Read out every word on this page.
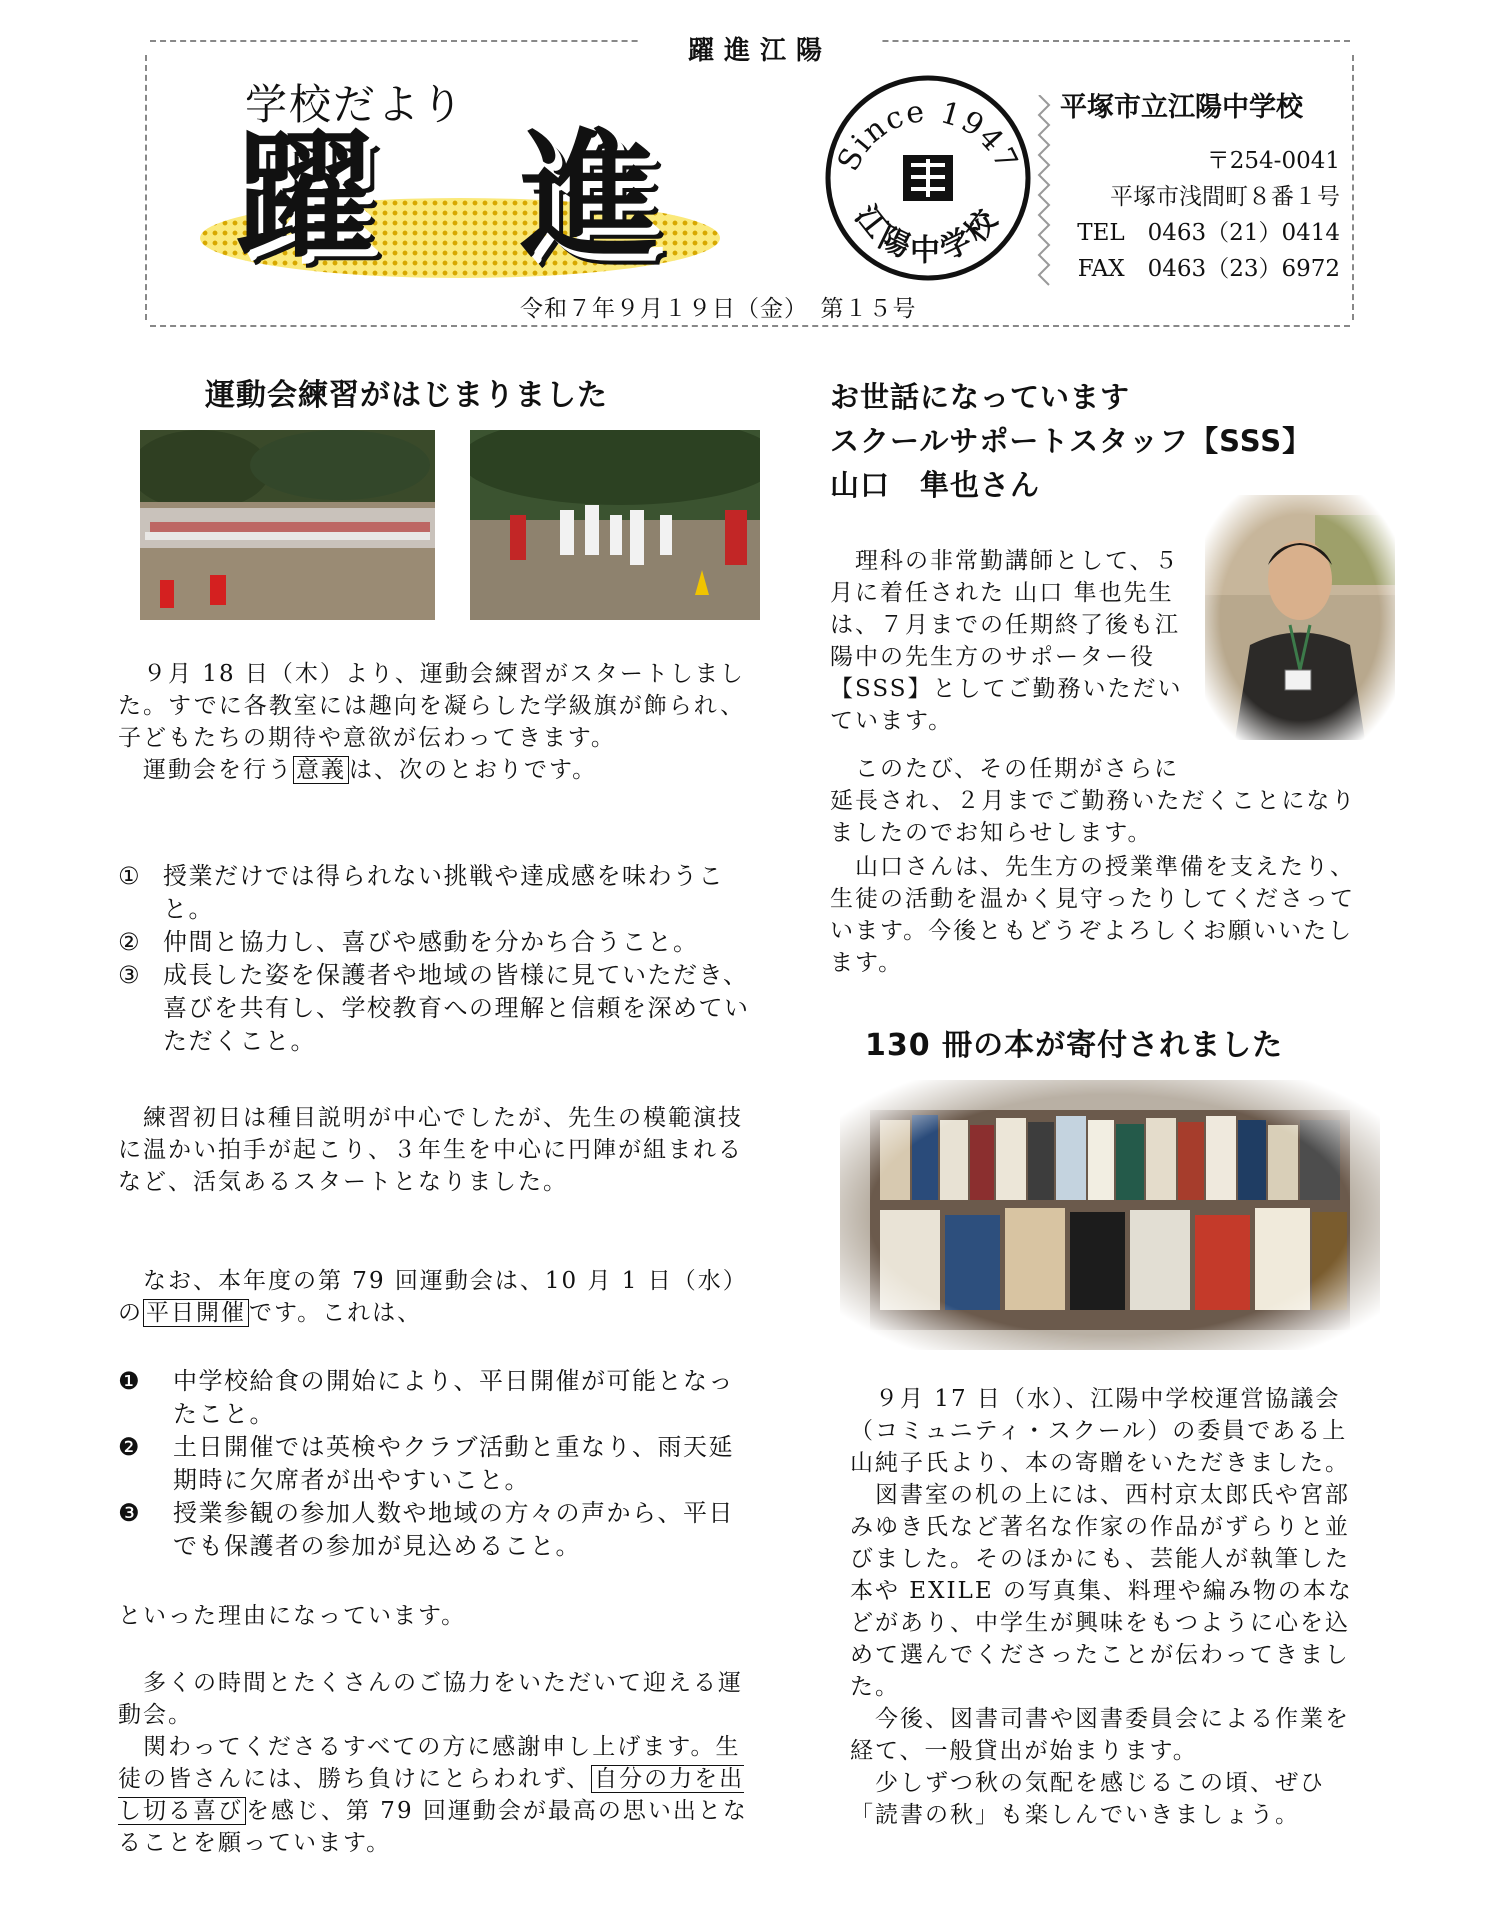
躍進江陽
学校だより
躍 進	Since 1947
江陽中学校
平塚市立江陽中学校
〒254-0041
平塚市浅間町８番１号
TEL　0463（21）0414
FAX　0463（23）6972
令和７年９月１９日（金）　第１５号
運動会練習がはじまりました

　９月 18 日（木）より、運動会練習がスタートしました。すでに各教室には趣向を凝らした学級旗が飾られ、子どもたちの期待や意欲が伝わってきます。

　運動会を行う 意義 は、次のとおりです。

① 授業だけでは得られない挑戦や達成感を味わうこと。
② 仲間と協力し、喜びや感動を分かち合うこと。
③ 成長した姿を保護者や地域の皆様に見ていただき、喜びを共有し、学校教育への理解と信頼を深めていただくこと。

　練習初日は種目説明が中心でしたが、先生の模範演技に温かい拍手が起こり、３年生を中心に円陣が組まれるなど、活気あるスタートとなりました。

　なお、本年度の第 79 回運動会は、10 月 1 日（水）の 平日開催 です。これは、

❶ 中学校給食の開始により、平日開催が可能となったこと。
❷ 土日開催では英検やクラブ活動と重なり、雨天延期時に欠席者が出やすいこと。
❸ 授業参観の参加人数や地域の方々の声から、平日でも保護者の参加が見込めること。
といった理由になっています。

　多くの時間とたくさんのご協力をいただいて迎える運動会。

　関わってくださるすべての方に感謝申し上げます。生徒の皆さんには、勝ち負けにとらわれず、 自分の力を出し切る喜び を感じ、第 79 回運動会が最高の思い出となることを願っています。

お世話になっています
スクールサポートスタッフ【SSS】
山口　隼也さん
　理科の非常勤講師として、５月に着任された 山口 隼也先生は、７月までの任期終了後も江陽中の先生方のサポーター役【SSS】としてご勤務いただいています。
　このたび、その任期がさらに
延長され、２月までご勤務いただくことになりましたのでお知らせします。
　山口さんは、先生方の授業準備を支えたり、生徒の活動を温かく見守ったりしてくださっています。今後ともどうぞよろしくお願いいたします。
130 冊の本が寄付されました

　９月 17 日（水）、江陽中学校運営協議会（コミュニティ・スクール）の委員である上山純子氏より、本の寄贈をいただきました。

　図書室の机の上には、西村京太郎氏や宮部みゆき氏など著名な作家の作品がずらりと並びました。そのほかにも、芸能人が執筆した本や EXILE の写真集、料理や編み物の本などがあり、中学生が興味をもつように心を込めて選んでくださったことが伝わってきました。

　今後、図書司書や図書委員会による作業を経て、一般貸出が始まります。

　少しずつ秋の気配を感じるこの頃、ぜひ「読書の秋」も楽しんでいきましょう。
